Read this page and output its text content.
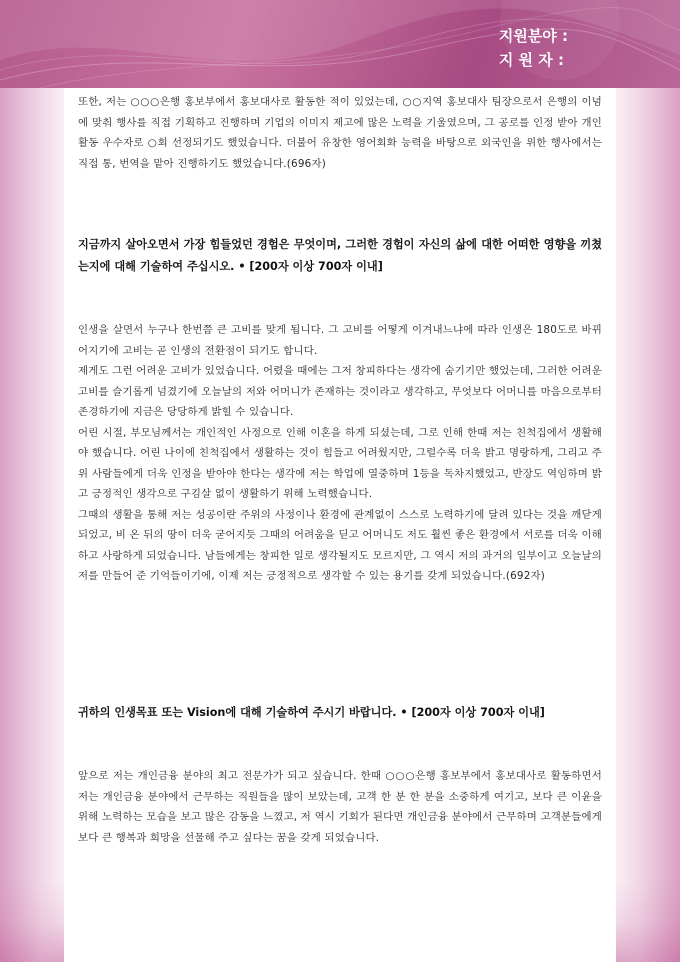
지원분야 :
지 원 자 :

또한, 저는 ○○○은행 홍보부에서 홍보대사로 활동한 적이 있었는데, ○○지역 홍보대사 팀장으로서 은행의 이념에 맞춰 행사를 직접 기획하고 진행하며 기업의 이미지 제고에 많은 노력을 기울였으며, 그 공로를 인정 받아 개인활동 우수자로 ○회 선정되기도 했었습니다. 더불어 유창한 영어회화 능력을 바탕으로 외국인을 위한 행사에서는 직접 통, 번역을 맡아 진행하기도 했었습니다.(696자)

지금까지 살아오면서 가장 힘들었던 경험은 무엇이며, 그러한 경험이 자신의 삶에 대한 어떠한 영향을 끼쳤는지에 대해 기술하여 주십시오. • [200자 이상 700자 이내]

인생을 살면서 누구나 한번쯤 큰 고비를 맞게 됩니다. 그 고비를 어떻게 이겨내느냐에 따라 인생은 180도로 바뀌어지기에 고비는 곧 인생의 전환점이 되기도 합니다.

제게도 그런 어려운 고비가 있었습니다. 어렸을 때에는 그저 창피하다는 생각에 숨기기만 했었는데, 그러한 어려운 고비를 슬기롭게 넘겼기에 오늘날의 저와 어머니가 존재하는 것이라고 생각하고, 무엇보다 어머니를 마음으로부터 존경하기에 지금은 당당하게 밝힐 수 있습니다.

어린 시절, 부모님께서는 개인적인 사정으로 인해 이혼을 하게 되셨는데, 그로 인해 한때 저는 친척집에서 생활해야 했습니다. 어린 나이에 친척집에서 생활하는 것이 힘들고 어려웠지만, 그럴수록 더욱 밝고 명랑하게, 그리고 주위 사람들에게 더욱 인정을 받아야 한다는 생각에 저는 학업에 열중하며 1등을 독차지했었고, 반장도 역임하며 밝고 긍정적인 생각으로 구김살 없이 생활하기 위해 노력했습니다.

그때의 생활을 통해 저는 성공이란 주위의 사정이나 환경에 관계없이 스스로 노력하기에 달려 있다는 것을 깨닫게 되었고, 비 온 뒤의 땅이 더욱 굳어지듯 그때의 어려움을 딛고 어머니도 저도 훨씬 좋은 환경에서 서로를 더욱 이해하고 사랑하게 되었습니다. 남들에게는 창피한 일로 생각될지도 모르지만, 그 역시 저의 과거의 일부이고 오늘날의 저를 만들어 준 기억들이기에, 이제 저는 긍정적으로 생각할 수 있는 용기를 갖게 되었습니다.(692자)

귀하의 인생목표 또는 Vision에 대해 기술하여 주시기 바랍니다. • [200자 이상 700자 이내]

앞으로 저는 개인금융 분야의 최고 전문가가 되고 싶습니다. 한때 ○○○은행 홍보부에서 홍보대사로 활동하면서 저는 개인금융 분야에서 근무하는 직원들을 많이 보았는데, 고객 한 분 한 분을 소중하게 여기고, 보다 큰 이윤을 위해 노력하는 모습을 보고 많은 감동을 느꼈고, 저 역시 기회가 된다면 개인금융 분야에서 근무하며 고객분들에게 보다 큰 행복과 희망을 선물해 주고 싶다는 꿈을 갖게 되었습니다.
